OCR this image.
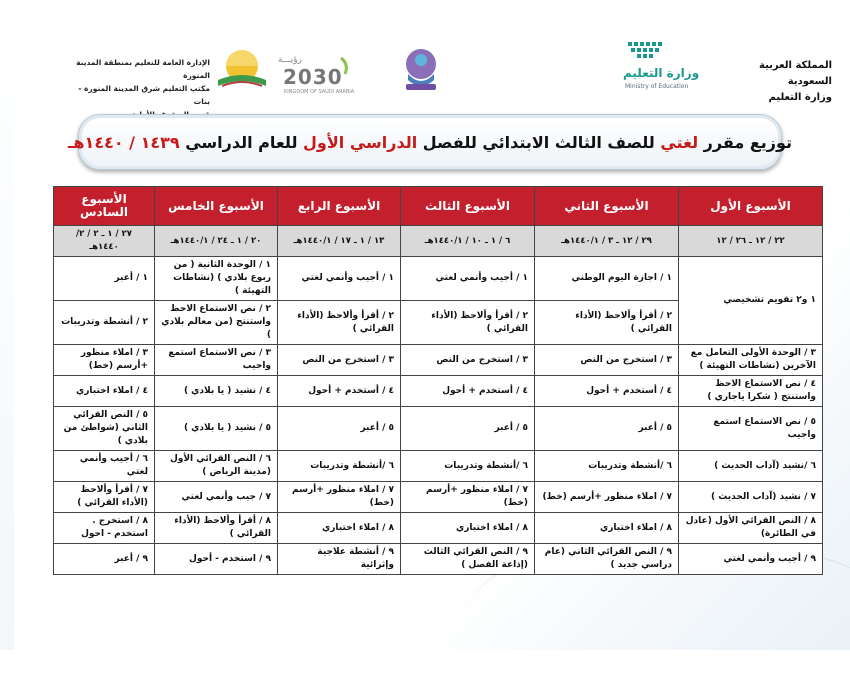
المملكة العربية السعودية
وزارة التعليم
وزارة التعليم
Ministry of Education
رؤيـــة
2030
KINGDOM OF SAUDI ARABIA
الإدارة العامة للتعليم بمنطقة المدينة المنورة
مكتب التعليم شرق المدينة المنورة - بنات
توزيع مقرر لغتي للصف الثالث الابتدائي للفصل الدراسي الأول للعام الدراسي ١٤٣٩ / ١٤٤٠هـ
الأسبوع الأول	الأسبوع الثاني	الأسبوع الثالث	الأسبوع الرابع	الأسبوع الخامس	الأسبوع السادس
٢٢ / ١٢ ـ ٢٦ / ١٢	٢٩ / ١٢ ـ ٣ / ١٤٤٠/١هـ	٦ / ١ ـ ١٠ / ١٤٤٠/١هـ	١٣ / ١ ـ ١٧ / ١٤٤٠/١هـ	٢٠ / ١ ـ ٢٤ / ١٤٤٠/١هـ	٢٧ / ١ ـ ٢ / ٢/ ١٤٤٠هـ
١ و٢ تقويم تشخيصي	١ / اجازة اليوم الوطني	١ / أجيب وأنمي لغتي	١ / أجيب وأنمي لغتي	١ / الوحدة الثانية ( من ربوع بلادي ) (نشاطات التهيئة )	١ / أعبر
	٢ / أقرأ وألاحظ (الأداء القرائي )	٢ / أقرأ وألاحظ (الأداء القرائي )	٢ / أقرأ وألاحظ (الأداء القرائي )	٢ / نص الاستماع الاحظ واستنتج (من معالم بلادي )	٢ / أنشطة وتدريبات
٣ / الوحدة الأولى التعامل مع الآخرين (نشاطات التهيئة )	٣ / استخرج من النص	٣ / استخرج من النص	٣ / استخرج من النص	٣ / نص الاستماع استمع واجيب	٣ / املاء منظور +أرسم (خط)
٤ / نص الاستماع الاحظ واستنتج ( شكرا ياجاري )	٤ / أستخدم + أحول	٤ / أستخدم + أحول	٤ / أستخدم + أحول	٤ / نشيد ( يا بلادي )	٤ / املاء اختباري
٥ / نص الاستماع استمع واجيب	٥ / أعبر	٥ / أعبر	٥ / أعبر	٥ / نشيد ( يا بلادي )	٥ / النص القرائي الثاني (شواطئ من بلادي )
٦ /نشيد (آداب الحديث )	٦ /أنشطة وتدريبات	٦ /أنشطة وتدريبات	٦ /أنشطة وتدريبات	٦ / النص القرائي الأول (مدينة الرياض )	٦ / أجيب وأنمي لغتي
٧ / نشيد (آداب الحديث )	٧ / املاء منظور +أرسم (خط)	٧ / املاء منظور +أرسم (خط)	٧ / املاء منظور +أرسم (خط)	٧ / جيب وأنمي لغتي	٧ / أقرأ وألاحظ (الأداء القرائي )
٨ / النص القرائي الأول (عادل في الطائرة)	٨ / املاء اختباري	٨ / املاء اختباري	٨ / املاء اختباري	٨ / أقرأ وألاحظ (الأداء القرائي )	٨ / استخرج . استخدم - احول
٩ / أجيب وأنمي لغتي	٩ / النص القرائي الثاني (عام دراسي جديد )	٩ / النص القرائي الثالث (إذاعة الفصل )	٩ / أنشطة علاجية وإثرائية	٩ / استخدم - أحول	٩ / أعبر
